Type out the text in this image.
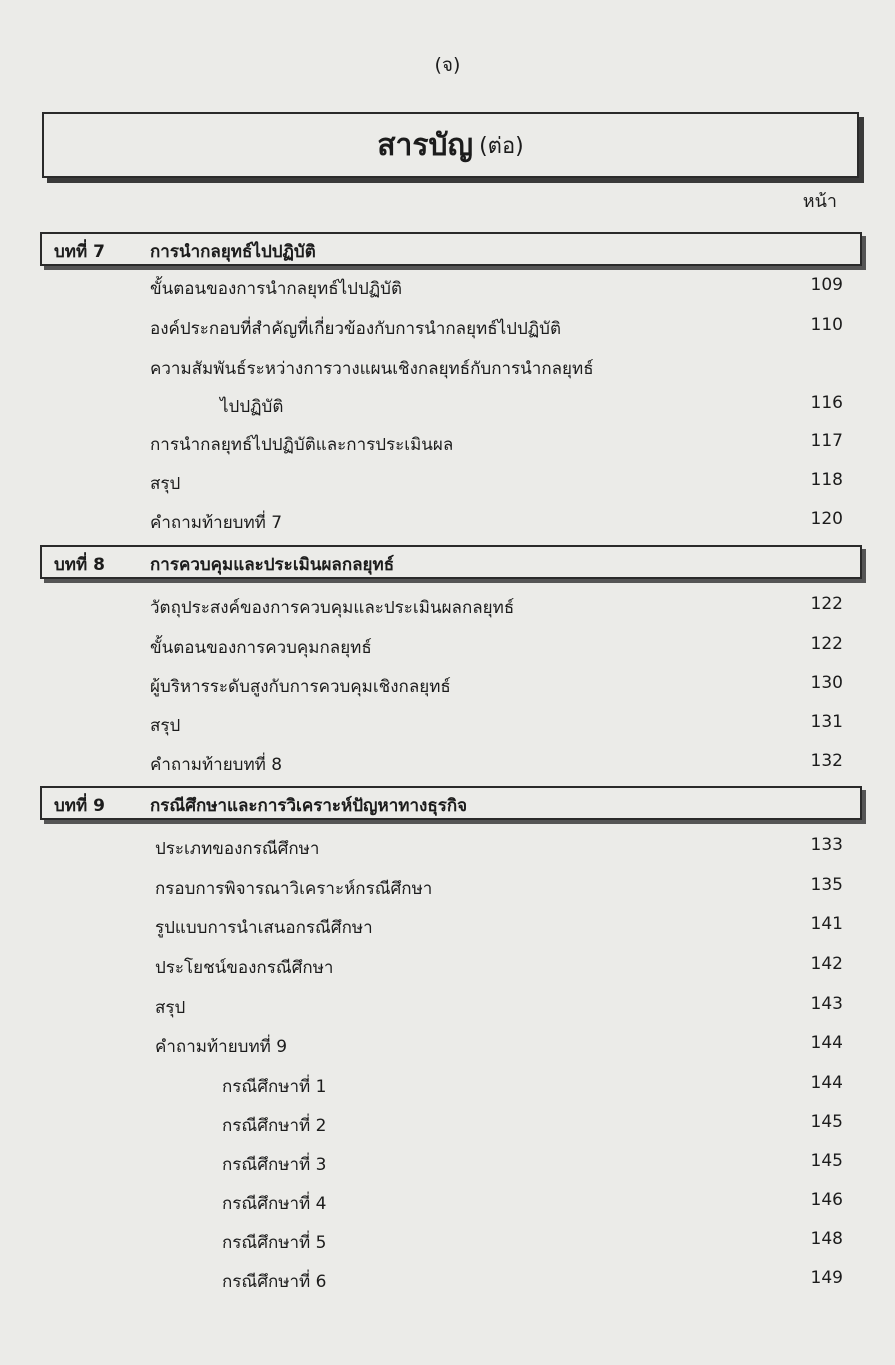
(จ)
สารบัญ (ต่อ)
หน้า
บทที่ 7	การนำกลยุทธ์ไปปฏิบัติ
ขั้นตอนของการนำกลยุทธ์ไปปฏิบัติ	109
องค์ประกอบที่สำคัญที่เกี่ยวข้องกับการนำกลยุทธ์ไปปฏิบัติ	110
ความสัมพันธ์ระหว่างการวางแผนเชิงกลยุทธ์กับการนำกลยุทธ์
ไปปฏิบัติ	116
การนำกลยุทธ์ไปปฏิบัติและการประเมินผล	117
สรุป	118
คำถามท้ายบทที่ 7	120
บทที่ 8	การควบคุมและประเมินผลกลยุทธ์
วัตถุประสงค์ของการควบคุมและประเมินผลกลยุทธ์	122
ขั้นตอนของการควบคุมกลยุทธ์	122
ผู้บริหารระดับสูงกับการควบคุมเชิงกลยุทธ์	130
สรุป	131
คำถามท้ายบทที่ 8	132
บทที่ 9	กรณีศึกษาและการวิเคราะห์ปัญหาทางธุรกิจ
ประเภทของกรณีศึกษา	133
กรอบการพิจารณาวิเคราะห์กรณีศึกษา	135
รูปแบบการนำเสนอกรณีศึกษา	141
ประโยชน์ของกรณีศึกษา	142
สรุป	143
คำถามท้ายบทที่ 9	144
กรณีศึกษาที่ 1	144
กรณีศึกษาที่ 2	145
กรณีศึกษาที่ 3	145
กรณีศึกษาที่ 4	146
กรณีศึกษาที่ 5	148
กรณีศึกษาที่ 6	149
